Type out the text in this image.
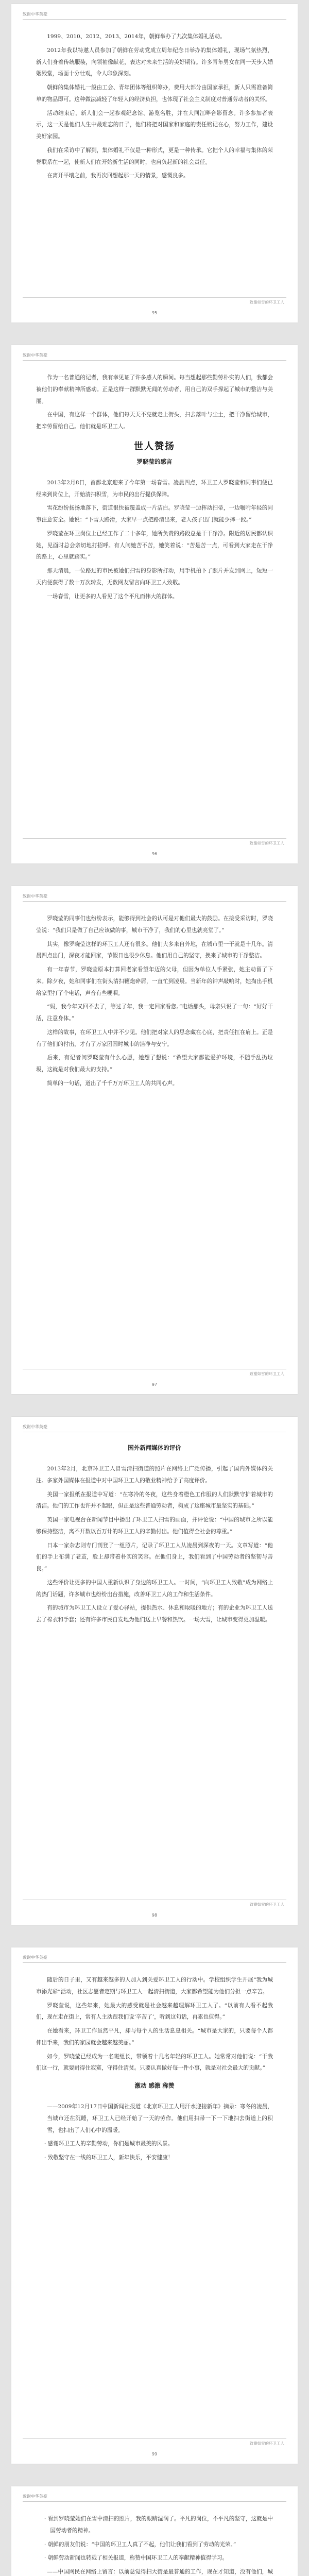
致谢中华英豪

1999、2010、2012、2013、2014年，朝鲜举办了九次集体婚礼活动。

2012年我以特邀人员参加了朝鲜在劳动党成立周年纪念日举办的集体婚礼，现场气氛热烈，新人们身着传统服装，向领袖像献花，表达对未来生活的美好期待。许多青年男女在同一天步入婚姻殿堂，场面十分壮观，令人印象深刻。

朝鲜的集体婚礼一般由工会、青年团体等组织筹办，费用大部分由国家承担，新人只需准备简单的物品即可。这种做法减轻了年轻人的经济负担，也体现了社会主义制度对普通劳动者的关怀。

活动结束后，新人们会一起参观纪念馆、游览名胜，并在大同江畔合影留念。许多参加者表示，这一天是他们人生中最难忘的日子，他们将把对国家和家庭的责任铭记在心，努力工作，建设美好家园。

我们在采访中了解到，集体婚礼不仅是一种形式，更是一种传承。它把个人的幸福与集体的荣誉联系在一起，使新人们在开始新生活的同时，也肩负起新的社会责任。

在离开平壤之前，我再次回想起那一天的情景，感慨良多。

致谢如雪的环卫工人
95
致谢中华英豪

作为一名普通的记者，我有幸见证了许多感人的瞬间。每当想起那些勤劳朴实的人们，我都会被他们的奉献精神所感动。正是这样一群默默无闻的劳动者，用自己的双手撑起了城市的整洁与美丽。

在中国，有这样一个群体，他们每天天不亮就走上街头，扫去落叶与尘土，把干净留给城市，把辛劳留给自己。他们就是环卫工人。

世人赞扬
罗晓莹的感言

2013年2月8日，首都北京迎来了今年第一场春雪。凌晨四点，环卫工人罗晓莹和同事们便已经来到岗位上，开始清扫积雪，为市民的出行提供保障。

雪花纷纷扬扬地落下，街道很快被覆盖成一片洁白。罗晓莹一边挥动扫帚，一边嘱咐年轻的同事注意安全。她说：“下雪天路滑，大家早一点把路清出来，老人孩子出门就能少摔一跤。”

罗晓莹在环卫岗位上已经工作了二十多年，她所负责的路段总是干干净净。附近的居民都认识她，见面时总会亲切地打招呼。有人问她苦不苦，她笑着说：“苦是苦一点，可看到大家走在干净的路上，心里就踏实。”

那天清晨，一位路过的市民被她们扫雪的身影所打动，用手机拍下了照片并发到网上，短短一天内便获得了数十万次转发，无数网友留言向环卫工人致敬。

一场春雪，让更多的人看见了这个平凡而伟大的群体。

致谢如雪的环卫工人
96
致谢中华英豪

罗晓莹的同事们也纷纷表示，能够得到社会的认可是对他们最大的鼓励。在接受采访时，罗晓莹说：“我们只是做了自己应该做的事，城市干净了，我们的心里也就亮堂了。”

其实，像罗晓莹这样的环卫工人还有很多。他们大多来自外地，在城市里一干就是十几年。清晨四点出门，深夜才能回家，节假日也很少休息。他们用自己的坚守，换来了城市的干净整洁。

有一年春节，罗晓莹原本打算回老家看望年迈的父母，但因为单位人手紧张，她主动留了下来。除夕夜，她和同事们在街头清扫鞭炮碎屑，一直忙到凌晨。当新年的钟声敲响时，她掏出手机给家里打了个电话，声音有些哽咽。

“妈，我今年又回不去了，等过了年，我一定回家看您。”电话那头，母亲只说了一句：“好好干活，注意身体。”

这样的故事，在环卫工人中并不少见。他们把对家人的思念藏在心底，把责任扛在肩上。正是有了他们的付出，才有了万家团圆时城市的洁净与安宁。

后来，有记者问罗晓莹有什么心愿，她想了想说：“希望大家都能爱护环境，不随手乱扔垃圾，这就是对我们最大的支持。”

简单的一句话，道出了千千万万环卫工人的共同心声。

致谢如雪的环卫工人
97
致谢中华英豪
国外新闻媒体的评价

2013年2月，北京环卫工人冒雪清扫街道的照片在网络上广泛传播，引起了国内外媒体的关注。多家外国媒体在报道中对中国环卫工人的敬业精神给予了高度评价。

美国一家报纸在报道中写道：“在寒冷的冬夜，这些身着橙色工作服的人们默默守护着城市的清洁。他们的工作也许并不起眼，但正是这些普通劳动者，构成了这座城市最坚实的基础。”

英国一家电视台在新闻节目中播出了环卫工人扫雪的画面，并评论说：“中国的城市之所以能够保持整洁，离不开数以百万计的环卫工人的辛勤付出。他们值得全社会的尊重。”

日本一家杂志则专门刊登了一组照片，记录了环卫工人从凌晨到深夜的一天。文章写道：“他们的手上布满了老茧，脸上却带着朴实的笑容。在他们身上，我们看到了中国劳动者的坚韧与善良。”

这些评价让更多的中国人重新认识了身边的环卫工人。一时间，“向环卫工人致敬”成为网络上的热门话题，许多城市也纷纷出台措施，改善环卫工人的工作和生活条件。

有的城市为环卫工人设立了爱心驿站，提供热水、休息和取暖的地方；有的企业为环卫工人送去了棉衣和手套；还有许多市民自发地为他们送上早餐和热饮。一场大雪，让城市变得更加温暖。

致谢如雪的环卫工人
98
致谢中华英豪

随后的日子里，又有越来越多的人加入到关爱环卫工人的行动中。学校组织学生开展“我为城市添光彩”活动，社区志愿者定期与环卫工人一起清扫街道，大家都希望能为他们分担一点辛苦。

罗晓莹说，这些年来，她最大的感受就是社会越来越理解环卫工人了。“以前有人看不起我们，现在走在街上，常有人主动跟我们说‘辛苦了’，听到这句话，再累也值得。”

在她看来，环卫工作虽然平凡，却与每个人的生活息息相关。“城市是大家的，只要每个人都伸出手来，我们的家园就会越来越美丽。”

如今，罗晓莹已经成为一名班组长，带领着十几名年轻的环卫工人。她常常对他们说：“干我们这一行，就要耐得住寂寞，守得住清贫。只要认真做好每一件小事，就是对社会最大的贡献。”

激动 感激 称赞

——2009年12月17日中国新闻社报道《北京环卫工人用汗水迎接新年》摘录：寒冬的凌晨，当城市还在沉睡，环卫工人已经开始了一天的劳作。他们用扫帚一下一下地扫去街道上的积雪，也扫出了人们心中的温暖。

· 感谢环卫工人的辛勤劳动，你们是城市最美的风景。

· 致敬坚守在一线的环卫工人，新年快乐，平安健康！

致谢如雪的环卫工人
99
致谢中华英豪

· 看到罗晓莹她们在雪中清扫的照片，我的眼睛湿润了。平凡的岗位，不平凡的坚守，这就是中国劳动者的精神。

· 朝鲜的朋友们说：“中国的环卫工人真了不起，他们让我们看到了劳动的光荣。”

· 朝鲜劳动新闻也转载了相关报道，称赞中国环卫工人的奉献精神值得学习。

——中国网民在网络上留言：以前总觉得扫大街是最普通的工作，现在才知道，没有他们，城
